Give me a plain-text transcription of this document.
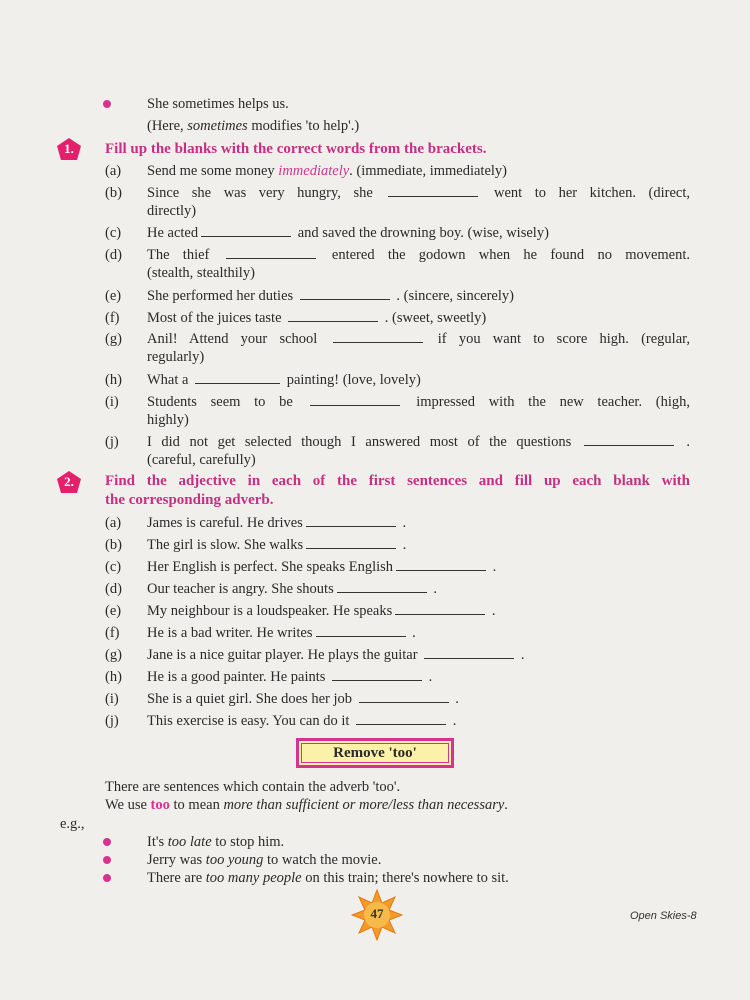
She sometimes helps us.
(Here, sometimes modifies 'to help'.)
1.	Fill up the blanks with the correct words from the brackets.
(a) Send me some money immediately. (immediate, immediately)
(b) Since she was very hungry, she	went to her kitchen. (direct,
directly)
(c) He acted	and saved the drowning boy. (wise, wisely)
(d) The thief	entered the godown when he found no movement.
(stealth, stealthily)
(e) She performed her duties	. (sincere, sincerely)
(f) Most of the juices taste	. (sweet, sweetly)
(g) Anil! Attend your school	if you want to score high. (regular,
regularly)
(h) What a	painting! (love, lovely)
(i) Students seem to be	impressed with the new teacher. (high,
highly)
(j) I did not get selected though I answered most of the questions	.
(careful, carefully)
2.	Find the adjective in each of the first sentences and fill up each blank with
the corresponding adverb.
(a) James is careful. He drives	.
(b) The girl is slow. She walks	.
(c) Her English is perfect. She speaks English	.
(d) Our teacher is angry. She shouts	.
(e) My neighbour is a loudspeaker. He speaks	.
(f) He is a bad writer. He writes	.
(g) Jane is a nice guitar player. He plays the guitar	.
(h) He is a good painter. He paints	.
(i) She is a quiet girl. She does her job	.
(j) This exercise is easy. You can do it	.
Remove 'too'
There are sentences which contain the adverb 'too'.
We use too to mean more than sufficient or more/less than necessary.
e.g.,
It's too late to stop him.
Jerry was too young to watch the movie.
There are too many people on this train; there's nowhere to sit.
47	Open Skies-8
